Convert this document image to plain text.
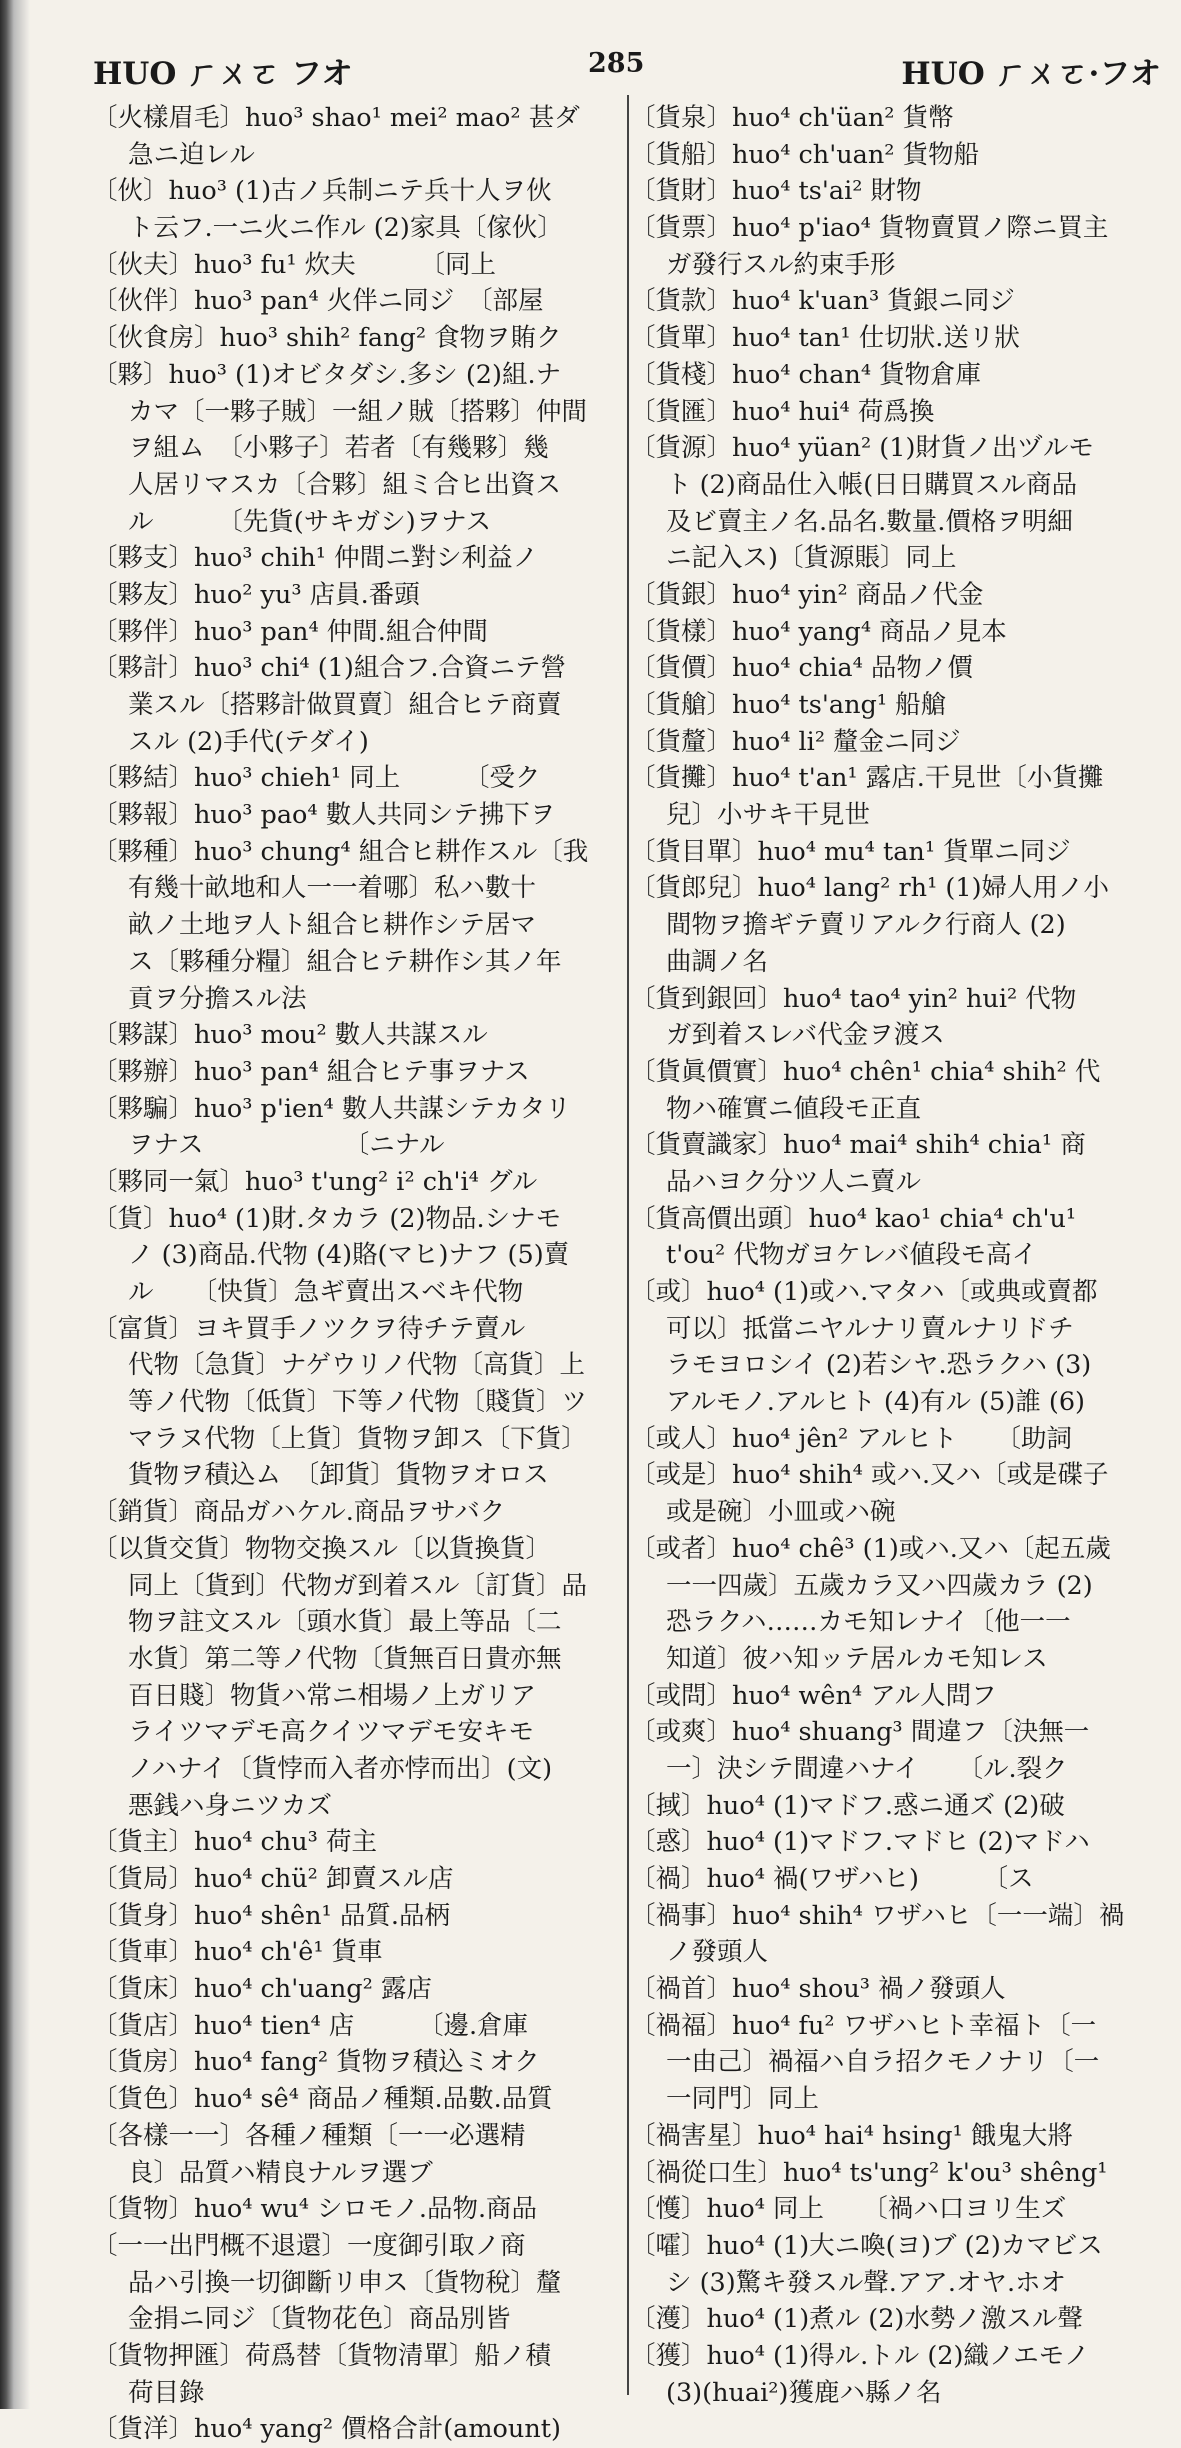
HUO ㄏㄨㄛ フオ	285	HUO ㄏㄨㄛ·フオ
〔火樣眉毛〕huo³ shao¹ mei² mao² 甚ダ
急ニ迫レル
〔伙〕huo³ (1)古ノ兵制ニテ兵十人ヲ伙
ト云フ.一ニ火ニ作ル (2)家具〔傢伙〕
〔伙夫〕huo³ fu¹ 炊夫　　　〔同上
〔伙伴〕huo³ pan⁴ 火伴ニ同ジ　〔部屋
〔伙食房〕huo³ shih² fang² 食物ヲ賄ク
〔夥〕huo³ (1)オビタダシ.多シ (2)組.ナ
カマ〔一夥子賊〕一組ノ賊〔搭夥〕仲間
ヲ組ム　〔小夥子〕若者〔有幾夥〕幾
人居リマスカ〔合夥〕組ミ合ヒ出資ス
ル　　　〔先貨(サキガシ)ヲナス
〔夥支〕huo³ chih¹ 仲間ニ對シ利益ノ
〔夥友〕huo² yu³ 店員.番頭
〔夥伴〕huo³ pan⁴ 仲間.組合仲間
〔夥計〕huo³ chi⁴ (1)組合フ.合資ニテ營
業スル〔搭夥計做買賣〕組合ヒテ商賣
スル (2)手代(テダイ)
〔夥結〕huo³ chieh¹ 同上　　　〔受ク
〔夥報〕huo³ pao⁴ 數人共同シテ拂下ヲ
〔夥種〕huo³ chung⁴ 組合ヒ耕作スル〔我
有幾十畝地和人一一着哪〕私ハ數十
畝ノ土地ヲ人ト組合ヒ耕作シテ居マ
ス〔夥種分糧〕組合ヒテ耕作シ其ノ年
貢ヲ分擔スル法
〔夥謀〕huo³ mou² 數人共謀スル
〔夥辦〕huo³ pan⁴ 組合ヒテ事ヲナス
〔夥騙〕huo³ p'ien⁴ 數人共謀シテカタリ
ヲナス　　　　　　〔ニナル
〔夥同一氣〕huo³ t'ung² i² ch'i⁴ グル
〔貨〕huo⁴ (1)財.タカラ (2)物品.シナモ
ノ (3)商品.代物 (4)賂(マヒ)ナフ (5)賣
ル　　〔快貨〕急ギ賣出スベキ代物
〔富貨〕ヨキ買手ノツクヲ待チテ賣ル
代物〔急貨〕ナゲウリノ代物〔高貨〕上
等ノ代物〔低貨〕下等ノ代物〔賤貨〕ツ
マラヌ代物〔上貨〕貨物ヲ卸ス〔下貨〕
貨物ヲ積込ム　〔卸貨〕貨物ヲオロス
〔銷貨〕商品ガハケル.商品ヲサバク
〔以貨交貨〕物物交換スル〔以貨換貨〕
同上〔貨到〕代物ガ到着スル〔訂貨〕品
物ヲ註文スル〔頭水貨〕最上等品〔二
水貨〕第二等ノ代物〔貨無百日貴亦無
百日賤〕物貨ハ常ニ相場ノ上ガリア
ライツマデモ高クイツマデモ安キモ
ノハナイ〔貨悖而入者亦悖而出〕(文)
悪銭ハ身ニツカズ
〔貨主〕huo⁴ chu³ 荷主
〔貨局〕huo⁴ chü² 卸賣スル店
〔貨身〕huo⁴ shên¹ 品質.品柄
〔貨車〕huo⁴ ch'ê¹ 貨車
〔貨床〕huo⁴ ch'uang² 露店
〔貨店〕huo⁴ tien⁴ 店　　　〔邊.倉庫
〔貨房〕huo⁴ fang² 貨物ヲ積込ミオク
〔貨色〕huo⁴ sê⁴ 商品ノ種類.品數.品質
〔各樣一一〕各種ノ種類〔一一必選精
良〕品質ハ精良ナルヲ選ブ
〔貨物〕huo⁴ wu⁴ シロモノ.品物.商品
〔一一出門概不退還〕一度御引取ノ商
品ハ引換一切御斷リ申ス〔貨物稅〕釐
金捐ニ同ジ〔貨物花色〕商品別皆
〔貨物押匯〕荷爲替〔貨物清單〕船ノ積
荷目錄
〔貨洋〕huo⁴ yang² 價格合計(amount)
〔貨泉〕huo⁴ ch'üan² 貨幣
〔貨船〕huo⁴ ch'uan² 貨物船
〔貨財〕huo⁴ ts'ai² 財物
〔貨票〕huo⁴ p'iao⁴ 貨物賣買ノ際ニ買主
ガ發行スル約束手形
〔貨款〕huo⁴ k'uan³ 貨銀ニ同ジ
〔貨單〕huo⁴ tan¹ 仕切狀.送リ狀
〔貨棧〕huo⁴ chan⁴ 貨物倉庫
〔貨匯〕huo⁴ hui⁴ 荷爲換
〔貨源〕huo⁴ yüan² (1)財貨ノ出ヅルモ
ト (2)商品仕入帳(日日購買スル商品
及ビ賣主ノ名.品名.數量.價格ヲ明細
ニ記入ス)〔貨源賬〕同上
〔貨銀〕huo⁴ yin² 商品ノ代金
〔貨樣〕huo⁴ yang⁴ 商品ノ見本
〔貨價〕huo⁴ chia⁴ 品物ノ價
〔貨艙〕huo⁴ ts'ang¹ 船艙
〔貨釐〕huo⁴ li² 釐金ニ同ジ
〔貨攤〕huo⁴ t'an¹ 露店.干見世〔小貨攤
兒〕小サキ干見世
〔貨目單〕huo⁴ mu⁴ tan¹ 貨單ニ同ジ
〔貨郎兒〕huo⁴ lang² rh¹ (1)婦人用ノ小
間物ヲ擔ギテ賣リアルク行商人 (2)
曲調ノ名
〔貨到銀回〕huo⁴ tao⁴ yin² hui² 代物
ガ到着スレバ代金ヲ渡ス
〔貨眞價實〕huo⁴ chên¹ chia⁴ shih² 代
物ハ確實ニ値段モ正直
〔貨賣識家〕huo⁴ mai⁴ shih⁴ chia¹ 商
品ハヨク分ツ人ニ賣ル
〔貨高價出頭〕huo⁴ kao¹ chia⁴ ch'u¹
t'ou² 代物ガヨケレバ値段モ高イ
〔或〕huo⁴ (1)或ハ.マタハ〔或典或賣都
可以〕抵當ニヤルナリ賣ルナリドチ
ラモヨロシイ (2)若シヤ.恐ラクハ (3)
アルモノ.アルヒト (4)有ル (5)誰 (6)
〔或人〕huo⁴ jên² アルヒト　　〔助詞
〔或是〕huo⁴ shih⁴ 或ハ.又ハ〔或是碟子
或是碗〕小皿或ハ碗
〔或者〕huo⁴ chê³ (1)或ハ.又ハ〔起五歲
一一四歲〕五歲カラ又ハ四歲カラ (2)
恐ラクハ……カモ知レナイ〔他一一
知道〕彼ハ知ッテ居ルカモ知レス
〔或問〕huo⁴ wên⁴ アル人問フ
〔或爽〕huo⁴ shuang³ 間違フ〔決無一
一〕決シテ間違ハナイ　　〔ル.裂ク
〔掝〕huo⁴ (1)マドフ.惑ニ通ズ (2)破
〔惑〕huo⁴ (1)マドフ.マドヒ (2)マドハ
〔禍〕huo⁴ 禍(ワザハヒ)　　　〔ス
〔禍事〕huo⁴ shih⁴ ワザハヒ〔一一端〕禍
ノ發頭人
〔禍首〕huo⁴ shou³ 禍ノ發頭人
〔禍福〕huo⁴ fu² ワザハヒト幸福ト〔一
一由己〕禍福ハ自ラ招クモノナリ〔一
一同門〕同上
〔禍害星〕huo⁴ hai⁴ hsing¹ 餓鬼大將
〔禍從口生〕huo⁴ ts'ung² k'ou³ shêng¹
〔㦜〕huo⁴ 同上　　〔禍ハ口ヨリ生ズ
〔嚯〕huo⁴ (1)大ニ喚(ヨ)ブ (2)カマビス
シ (3)驚キ發スル聲.アア.オヤ.ホオ
〔濩〕huo⁴ (1)煮ル (2)水勢ノ激スル聲
〔獲〕huo⁴ (1)得ル.トル (2)織ノエモノ
(3)(huai²)獲鹿ハ縣ノ名
